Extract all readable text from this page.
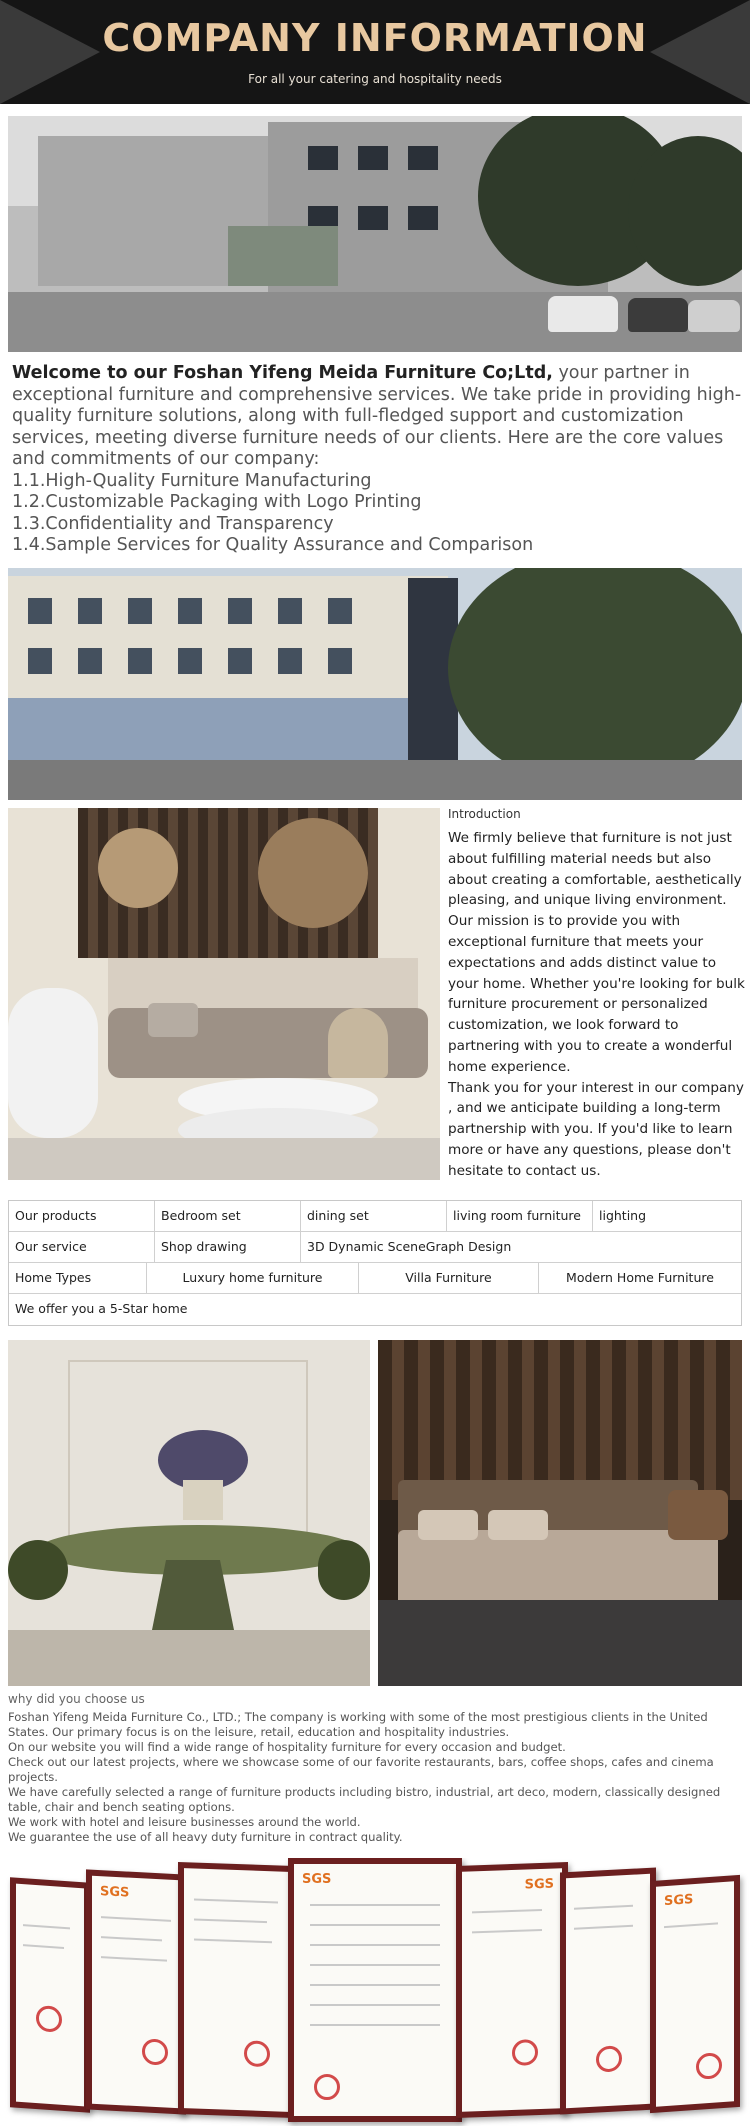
COMPANY INFORMATION
For all your catering and hospitality needs
Welcome to our Foshan Yifeng Meida Furniture Co;Ltd, your partner in exceptional furniture and comprehensive services. We take pride in providing high-quality furniture solutions, along with full-fledged support and customization services, meeting diverse furniture needs of our clients. Here are the core values and commitments of our company:
1.1.High-Quality Furniture Manufacturing
1.2.Customizable Packaging with Logo Printing
1.3.Confidentiality and Transparency
1.4.Sample Services for Quality Assurance and Comparison
Introduction

We firmly believe that furniture is not just about fulfilling material needs but also about creating a comfortable, aesthetically pleasing, and unique living environment. Our mission is to provide you with exceptional furniture that meets your expectations and adds distinct value to your home. Whether you're looking for bulk furniture procurement or personalized customization, we look forward to partnering with you to create a wonderful home experience.

Thank you for your interest in our company , and we anticipate building a long-term partnership with you. If you'd like to learn more or have any questions, please don't hesitate to contact us.

Our products	Bedroom set	dining set	living room furniture	lighting
Our service	Shop drawing	3D Dynamic SceneGraph Design
Home Types	Luxury home furniture	Villa Furniture	Modern Home Furniture
We offer you a 5-Star home
why did you choose us
Foshan Yifeng Meida Furniture Co., LTD.; The company is working with some of the most prestigious clients in the United States. Our primary focus is on the leisure, retail, education and hospitality industries.
On our website you will find a wide range of hospitality furniture for every occasion and budget.
Check out our latest projects, where we showcase some of our favorite restaurants, bars, coffee shops, cafes and cinema projects.
We have carefully selected a range of furniture products including bistro, industrial, art deco, modern, classically designed table, chair and bench seating options.
We work with hotel and leisure businesses around the world.
We guarantee the use of all heavy duty furniture in contract quality.
SGS
SGS	SGS
SGS
